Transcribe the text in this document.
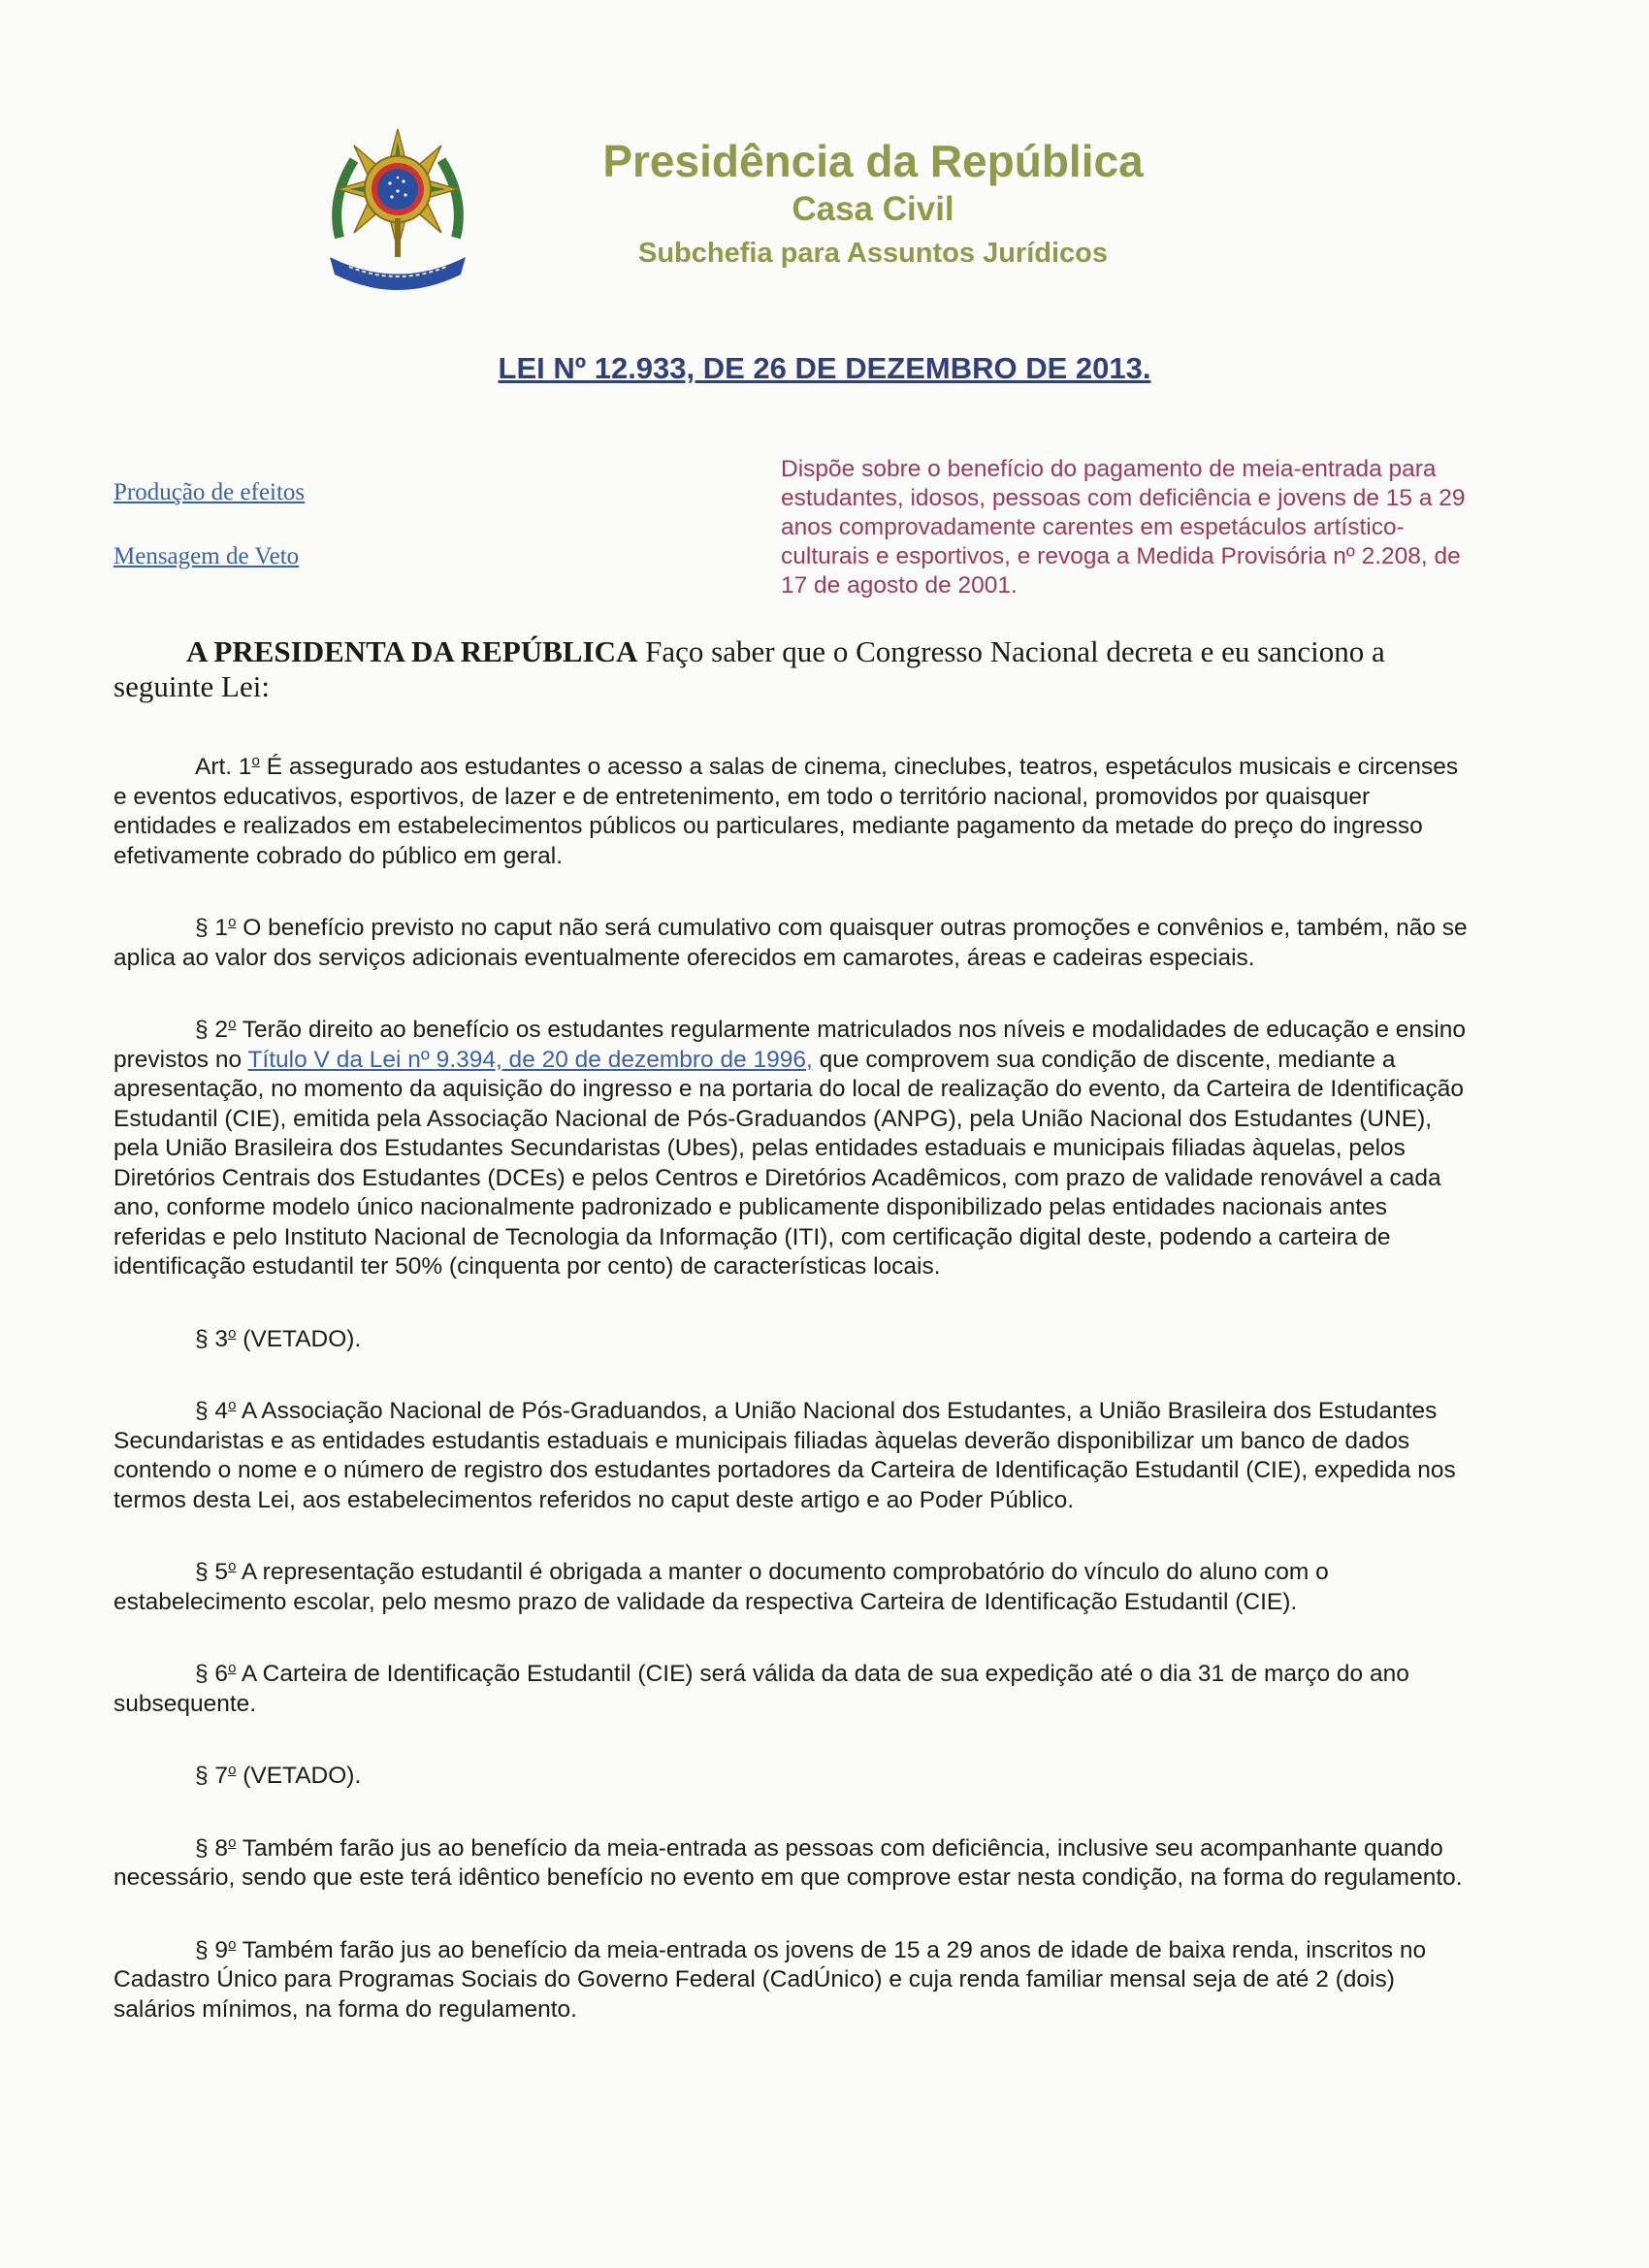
Presidência da República
Casa Civil
Subchefia para Assuntos Jurídicos
LEI Nº 12.933, DE 26 DE DEZEMBRO DE 2013.
Produção de efeitos
Mensagem de Veto
Dispõe sobre o benefício do pagamento de meia-entrada para estudantes, idosos, pessoas com deficiência e jovens de 15 a 29 anos comprovadamente carentes em espetáculos artístico-culturais e esportivos, e revoga a Medida Provisória nº 2.208, de 17 de agosto de 2001.
A PRESIDENTA DA REPÚBLICA Faço saber que o Congresso Nacional decreta e eu sanciono a seguinte Lei:

Art. 1$^o$ É assegurado aos estudantes o acesso a salas de cinema, cineclubes, teatros, espetáculos musicais e circenses e eventos educativos, esportivos, de lazer e de entretenimento, em todo o território nacional, promovidos por quaisquer entidades e realizados em estabelecimentos públicos ou particulares, mediante pagamento da metade do preço do ingresso efetivamente cobrado do público em geral.

§ 1$^o$ O benefício previsto no caput não será cumulativo com quaisquer outras promoções e convênios e, também, não se aplica ao valor dos serviços adicionais eventualmente oferecidos em camarotes, áreas e cadeiras especiais.

§ 2$^o$ Terão direito ao benefício os estudantes regularmente matriculados nos níveis e modalidades de educação e ensino previstos no Título V da Lei nº 9.394, de 20 de dezembro de 1996, que comprovem sua condição de discente, mediante a apresentação, no momento da aquisição do ingresso e na portaria do local de realização do evento, da Carteira de Identificação Estudantil (CIE), emitida pela Associação Nacional de Pós-Graduandos (ANPG), pela União Nacional dos Estudantes (UNE), pela União Brasileira dos Estudantes Secundaristas (Ubes), pelas entidades estaduais e municipais filiadas àquelas, pelos Diretórios Centrais dos Estudantes (DCEs) e pelos Centros e Diretórios Acadêmicos, com prazo de validade renovável a cada ano, conforme modelo único nacionalmente padronizado e publicamente disponibilizado pelas entidades nacionais antes referidas e pelo Instituto Nacional de Tecnologia da Informação (ITI), com certificação digital deste, podendo a carteira de identificação estudantil ter 50% (cinquenta por cento) de características locais.

§ 3$^o$ (VETADO).

§ 4$^o$ A Associação Nacional de Pós-Graduandos, a União Nacional dos Estudantes, a União Brasileira dos Estudantes Secundaristas e as entidades estudantis estaduais e municipais filiadas àquelas deverão disponibilizar um banco de dados contendo o nome e o número de registro dos estudantes portadores da Carteira de Identificação Estudantil (CIE), expedida nos termos desta Lei, aos estabelecimentos referidos no caput deste artigo e ao Poder Público.

§ 5$^o$ A representação estudantil é obrigada a manter o documento comprobatório do vínculo do aluno com o estabelecimento escolar, pelo mesmo prazo de validade da respectiva Carteira de Identificação Estudantil (CIE).

§ 6$^o$ A Carteira de Identificação Estudantil (CIE) será válida da data de sua expedição até o dia 31 de março do ano subsequente.

§ 7$^o$ (VETADO).

§ 8$^o$ Também farão jus ao benefício da meia-entrada as pessoas com deficiência, inclusive seu acompanhante quando necessário, sendo que este terá idêntico benefício no evento em que comprove estar nesta condição, na forma do regulamento.

§ 9$^o$ Também farão jus ao benefício da meia-entrada os jovens de 15 a 29 anos de idade de baixa renda, inscritos no Cadastro Único para Programas Sociais do Governo Federal (CadÚnico) e cuja renda familiar mensal seja de até 2 (dois) salários mínimos, na forma do regulamento.
